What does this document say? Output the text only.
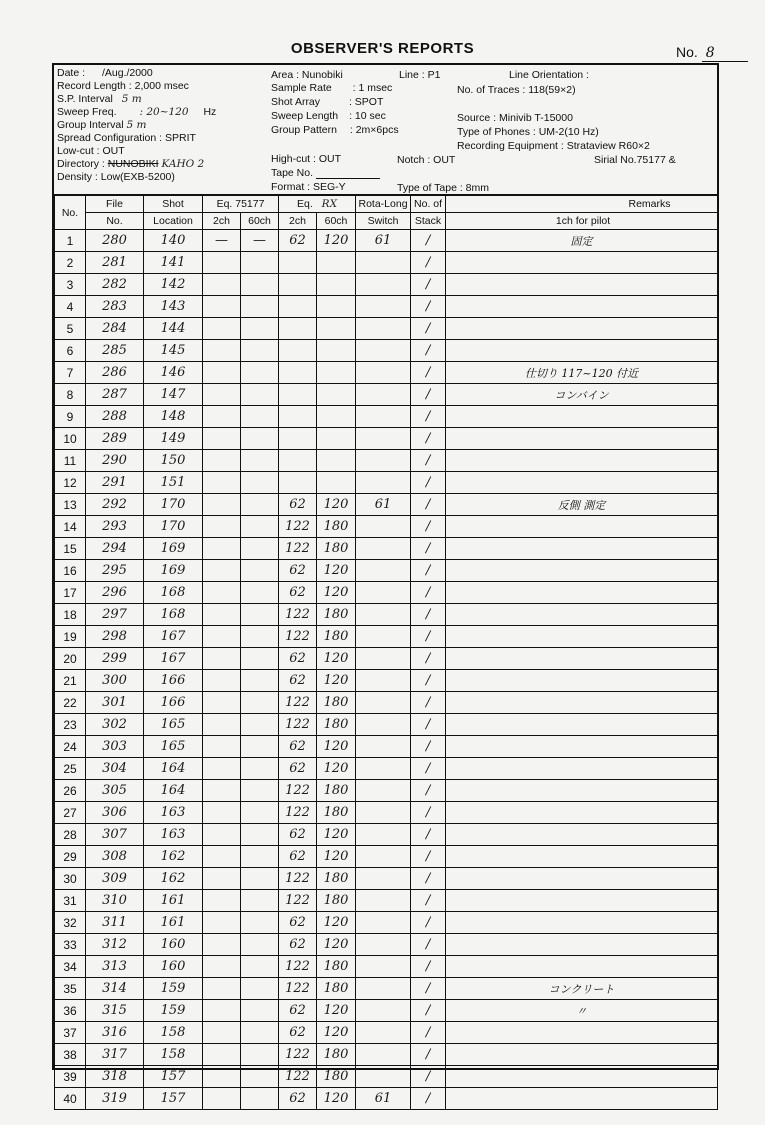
OBSERVER'S REPORTS	No. 8
Date : /Aug./2000
Record Length : 2,000 msec
S.P. Interval 5 m
Sweep Freq. : 20~120 Hz
Group Interval 5 m
Spread Configuration : SPRIT
Low-cut : OUT
Directory : NUNOBIKI KAHO 2
Density : Low(EXB-5200)
Area : Nunobiki	Line : P1	Line Orientation :
Sample Rate : 1 msec	No. of Traces : 118(59×2)
Shot Array	: SPOT
Sweep Length : 10 sec	Source : Minivib T-15000
Group Pattern : 2m×6pcs	Type of Phones : UM-2(10 Hz)
Recording Equipment : Strataview R60×2
High-cut : OUT	Notch : OUT	Sirial No.75177 &
Tape No.
Format : SEG-Y	Type of Tape : 8mm
No.	File	Shot	Eq. 75177		Eq. RX		Rota-Long	No. of	Remarks
	No.	Location	2ch	60ch	2ch	60ch	Switch	Stack	1ch for pilot
1	280	140	—	—	62	120	61	/	固定
2	281	141						/	
3	282	142						/	
4	283	143						/	
5	284	144						/	
6	285	145						/	
7	286	146						/	仕切り 117~120 付近
8	287	147						/	コンバイン
9	288	148						/	
10	289	149						/	
11	290	150						/	
12	291	151						/	
13	292	170			62	120	61	/	反側 測定
14	293	170			122	180		/	
15	294	169			122	180		/	
16	295	169			62	120		/	
17	296	168			62	120		/	
18	297	168			122	180		/	
19	298	167			122	180		/	
20	299	167			62	120		/	
21	300	166			62	120		/	
22	301	166			122	180		/	
23	302	165			122	180		/	
24	303	165			62	120		/	
25	304	164			62	120		/	
26	305	164			122	180		/	
27	306	163			122	180		/	
28	307	163			62	120		/	
29	308	162			62	120		/	
30	309	162			122	180		/	
31	310	161			122	180		/	
32	311	161			62	120		/	
33	312	160			62	120		/	
34	313	160			122	180		/	
35	314	159			122	180		/	コンクリート
36	315	159			62	120		/	〃
37	316	158			62	120		/	
38	317	158			122	180		/	
39	318	157			122	180		/	
40	319	157			62	120	61	/	
